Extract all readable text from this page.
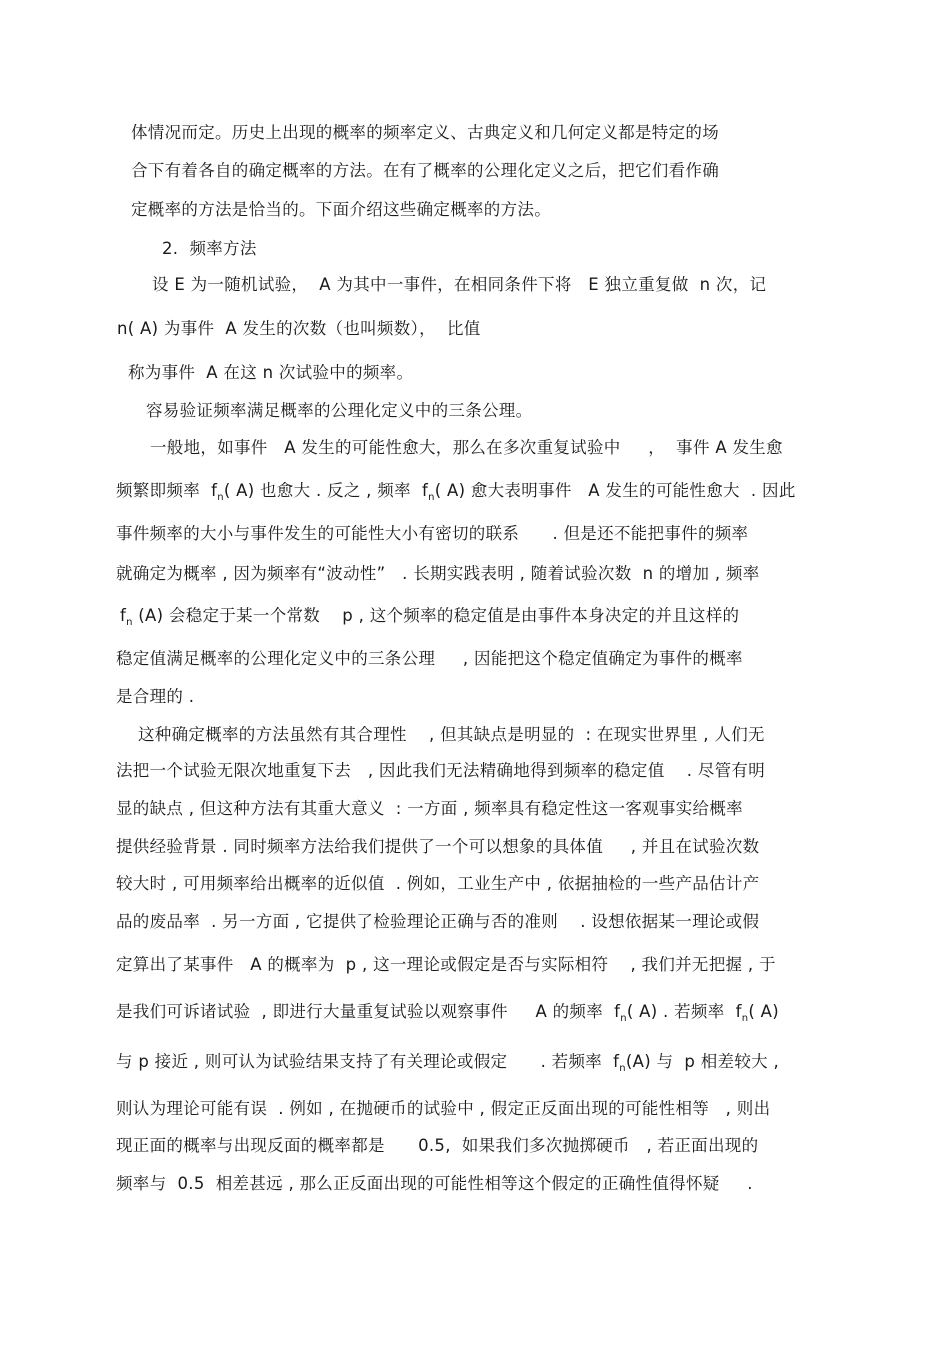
体情况而定。历史上出现的概率的频率定义、古典定义和几何定义都是特定的场
合下有着各自的确定概率的方法。在有了概率的公理化定义之后，把它们看作确
定概率的方法是恰当的。下面介绍这些确定概率的方法。
2. 频率方法
设 E 为一随机试验，  A 为其中一事件，在相同条件下将   E 独立重复做  n 次，记
n( A) 为事件  A 发生的次数（也叫频数），  比值
称为事件  A 在这 n 次试验中的频率。
容易验证频率满足概率的公理化定义中的三条公理。
一般地，如事件   A 发生的可能性愈大，那么在多次重复试验中     ，  事件 A 发生愈
频繁即频率  $f_n$( A) 也愈大 . 反之 , 频率  $f_n$( A) 愈大表明事件   A 发生的可能性愈大  . 因此
事件频率的大小与事件发生的可能性大小有密切的联系      . 但是还不能把事件的频率
就确定为概率 , 因为频率有“波动性”   . 长期实践表明 , 随着试验次数  n 的增加 , 频率
$f_n$ (A) 会稳定于某一个常数    p , 这个频率的稳定值是由事件本身决定的并且这样的
稳定值满足概率的公理化定义中的三条公理     , 因能把这个稳定值确定为事件的概率
是合理的 .
这种确定概率的方法虽然有其合理性    , 但其缺点是明显的  : 在现实世界里 , 人们无
法把一个试验无限次地重复下去   , 因此我们无法精确地得到频率的稳定值    . 尽管有明
显的缺点 , 但这种方法有其重大意义  : 一方面 , 频率具有稳定性这一客观事实给概率
提供经验背景 . 同时频率方法给我们提供了一个可以想象的具体值     , 并且在试验次数
较大时 , 可用频率给出概率的近似值  . 例如，工业生产中 , 依据抽检的一些产品估计产
品的废品率  . 另一方面 , 它提供了检验理论正确与否的准则    . 设想依据某一理论或假
定算出了某事件   A 的概率为  p , 这一理论或假定是否与实际相符    , 我们并无把握 , 于
是我们可诉诸试验  , 即进行大量重复试验以观察事件     A 的频率  $f_n$( A) . 若频率  $f_n$( A)
与 p 接近 , 则可认为试验结果支持了有关理论或假定      . 若频率  $f_n(A)$ 与  p 相差较大 ,
则认为理论可能有误  . 例如 , 在抛硬币的试验中 , 假定正反面出现的可能性相等   , 则出
现正面的概率与出现反面的概率都是      0.5,  如果我们多次抛掷硬币   , 若正面出现的
频率与  0.5  相差甚远 , 那么正反面出现的可能性相等这个假定的正确性值得怀疑     .
